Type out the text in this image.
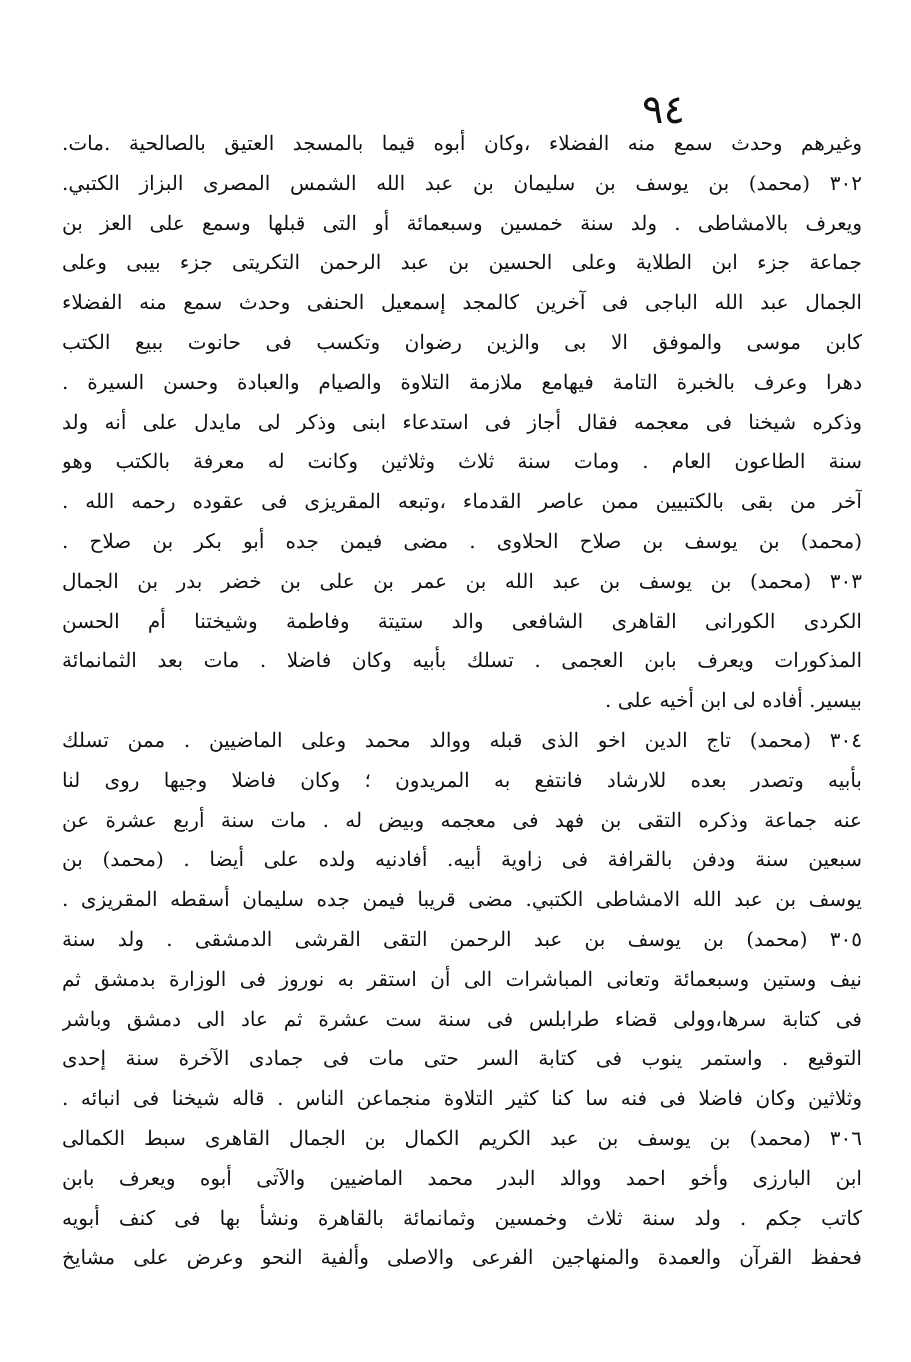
٩٤
وغيرهم وحدث سمع منه الفضلاء ،وكان أبوه قيما بالمسجد العتيق بالصالحية .مات.
٣٠٢ (محمد) بن يوسف بن سليمان بن عبد الله الشمس المصرى البزاز الكتبي.
ويعرف بالامشاطى . ولد سنة خمسين وسبعمائة أو التى قبلها وسمع على العز بن
جماعة جزء ابن الطلاية وعلى الحسين بن عبد الرحمن التكريتى جزء بيبى وعلى
الجمال عبد الله الباجى فى آخرين كالمجد إسمعيل الحنفى وحدث سمع منه الفضلاء
كابن موسى والموفق الا بى والزين رضوان وتكسب فى حانوت ببيع الكتب
دهرا وعرف بالخبرة التامة فيهامع ملازمة التلاوة والصيام والعبادة وحسن السيرة .
وذكره شيخنا فى معجمه فقال أجاز فى استدعاء ابنى وذكر لى مايدل على أنه ولد
سنة الطاعون العام . ومات سنة ثلاث وثلاثين وكانت له معرفة بالكتب وهو
آخر من بقى بالكتبيين ممن عاصر القدماء ،وتبعه المقريزى فى عقوده رحمه الله .
(محمد) بن يوسف بن صلاح الحلاوى . مضى فيمن جده أبو بكر بن صلاح .
٣٠٣ (محمد) بن يوسف بن عبد الله بن عمر بن على بن خضر بدر بن الجمال
الكردى الكورانى القاهرى الشافعى والد ستيتة وفاطمة وشيختنا أم الحسن
المذكورات ويعرف بابن العجمى . تسلك بأبيه وكان فاضلا . مات بعد الثمانمائة
بيسير. أفاده لى ابن أخيه على .
٣٠٤ (محمد) تاج الدين اخو الذى قبله ووالد محمد وعلى الماضيين . ممن تسلك
بأبيه وتصدر بعده للارشاد فانتفع به المريدون ؛ وكان فاضلا وجيها روى لنا
عنه جماعة وذكره التقى بن فهد فى معجمه وبيض له . مات سنة أربع عشرة عن
سبعين سنة ودفن بالقرافة فى زاوية أبيه. أفادنيه ولده على أيضا . (محمد) بن
يوسف بن عبد الله الامشاطى الكتبي. مضى قريبا فيمن جده سليمان أسقطه المقريزى .
٣٠٥ (محمد) بن يوسف بن عبد الرحمن التقى القرشى الدمشقى . ولد سنة
نيف وستين وسبعمائة وتعانى المباشرات الى أن استقر به نوروز فى الوزارة بدمشق ثم
فى كتابة سرها،وولى قضاء طرابلس فى سنة ست عشرة ثم عاد الى دمشق وباشر
التوقيع . واستمر ينوب فى كتابة السر حتى مات فى جمادى الآخرة سنة إحدى
وثلاثين وكان فاضلا فى فنه سا كنا كثير التلاوة منجماعن الناس . قاله شيخنا فى انبائه .
٣٠٦ (محمد) بن يوسف بن عبد الكريم الكمال بن الجمال القاهرى سبط الكمالى
ابن البارزى وأخو احمد ووالد البدر محمد الماضيين والآتى أبوه ويعرف بابن
كاتب جكم . ولد سنة ثلاث وخمسين وثمانمائة بالقاهرة ونشأ بها فى كنف أبويه
فحفظ القرآن والعمدة والمنهاجين الفرعى والاصلى وألفية النحو وعرض على مشايخ
